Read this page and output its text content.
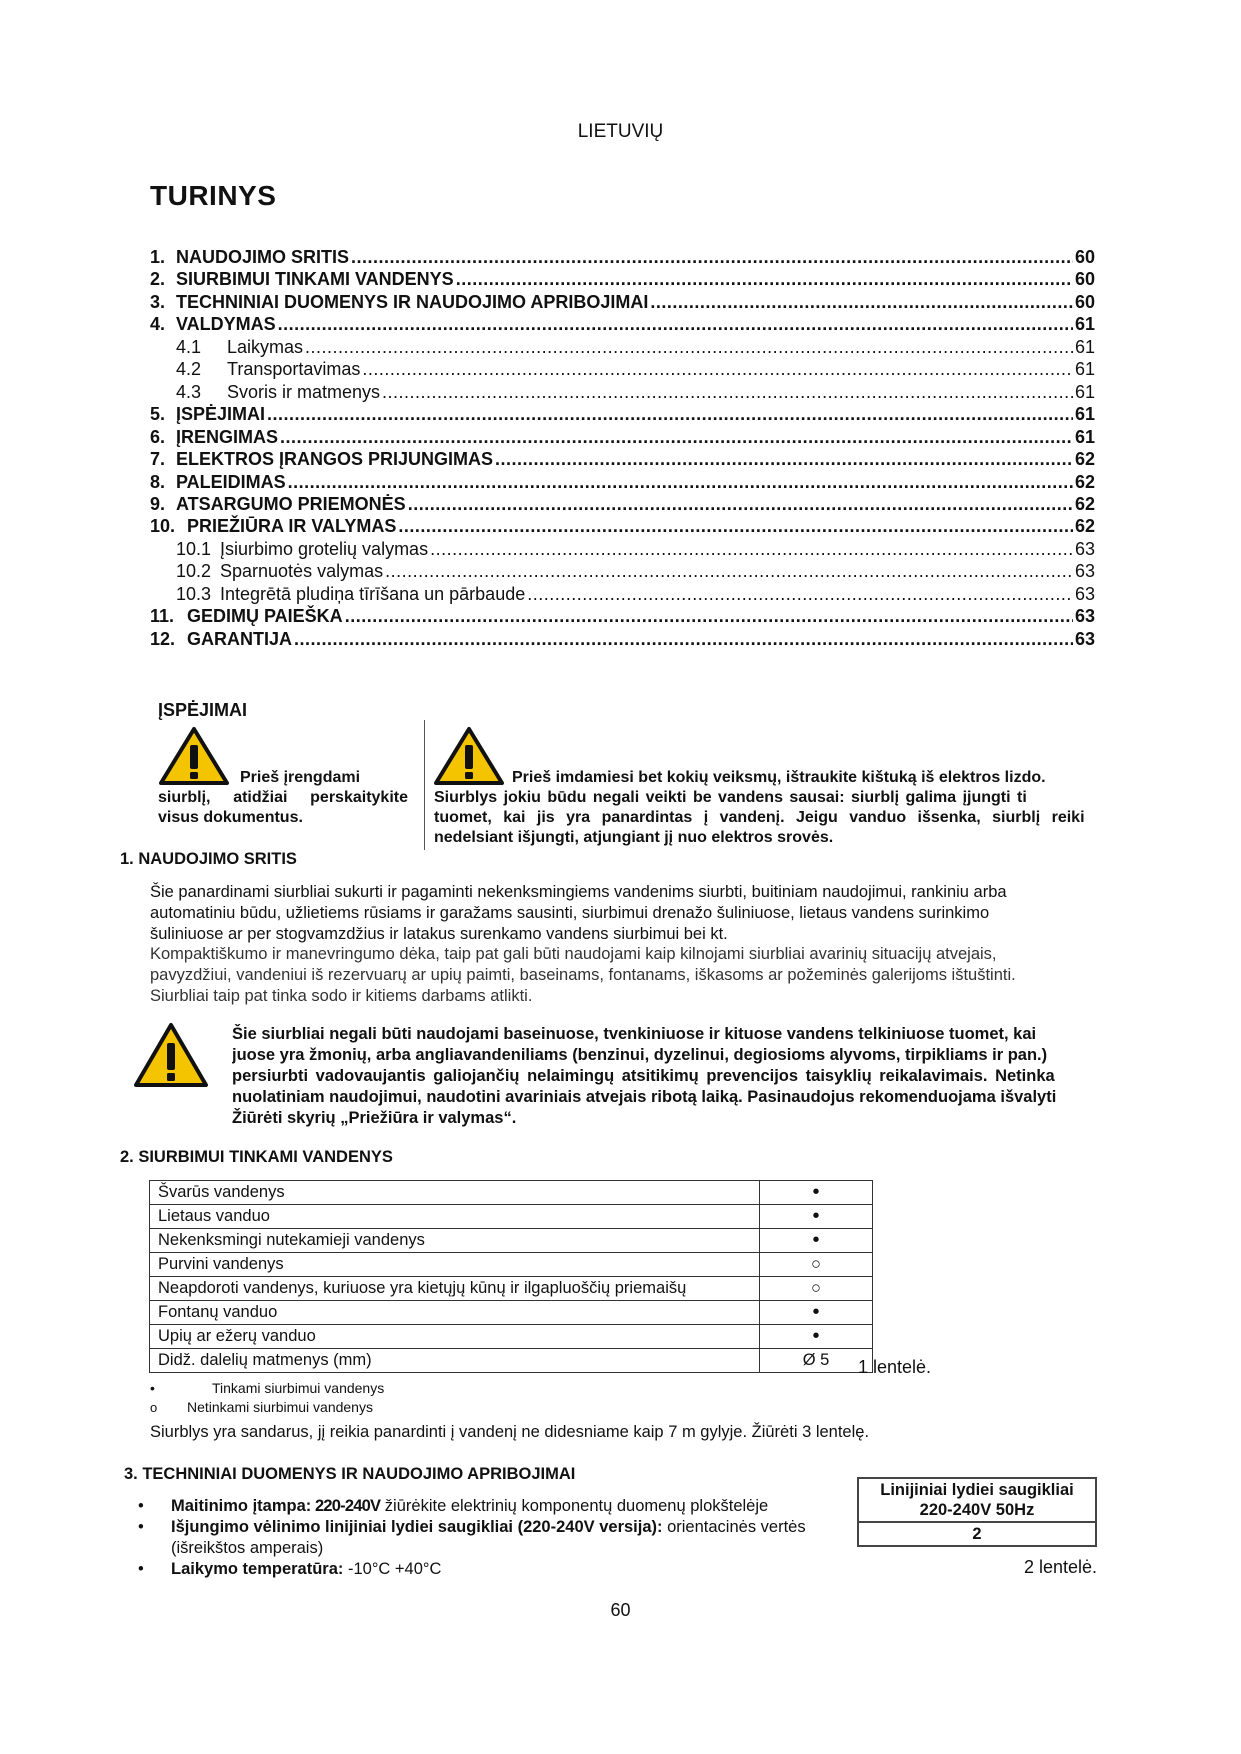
LIETUVIŲ
TURINYS
1. NAUDOJIMO SRITIS .....	60
2. SIURBIMUI TINKAMI VANDENYS .....	60
3. TECHNINIAI DUOMENYS IR NAUDOJIMO APRIBOJIMAI .....	60
4. VALDYMAS .....	61
4.1	Laikymas .....	61
4.2	Transportavimas .....	61
4.3	Svoris ir matmenys .....	61
5. ĮSPĖJIMAI .....	61
6. ĮRENGIMAS .....	61
7. ELEKTROS ĮRANGOS PRIJUNGIMAS .....	62
8. PALEIDIMAS .....	62
9. ATSARGUMO PRIEMONĖS .....	62
10. PRIEŽIŪRA IR VALYMAS .....	62
10.1 Įsiurbimo grotelių valymas .....	63
10.2 Sparnuotės valymas .....	63
10.3 Integrētā pludiņa tīrīšana un pārbaude .....	63
11. GEDIMŲ PAIEŠKA .....	63
12. GARANTIJA .....	63
ĮSPĖJIMAI
Prieš įrengdami
siurblį, atidžiai perskaitykite visus dokumentus.
Prieš imdamiesi bet kokių veiksmų, ištraukite kištuką iš elektros lizdo.
Siurblys jokiu būdu negali veikti be vandens sausai: siurblį galima įjungti ti
tuomet, kai jis yra panardintas į vandenį. Jeigu vanduo išsenka, siurblį reiki
nedelsiant išjungti, atjungiant jį nuo elektros srovės.
1. NAUDOJIMO SRITIS

Šie panardinami siurbliai sukurti ir pagaminti nekenksmingiems vandenims siurbti, buitiniam naudojimui, rankiniu arba

automatiniu būdu, užlietiems rūsiams ir garažams sausinti, siurbimui drenažo šuliniuose, lietaus vandens surinkimo

šuliniuose ar per stogvamzdžius ir latakus surenkamo vandens siurbimui bei kt.

Kompaktiškumo ir manevringumo dėka, taip pat gali būti naudojami kaip kilnojami siurbliai avarinių situacijų atvejais,

pavyzdžiui, vandeniui iš rezervuarų ar upių paimti, baseinams, fontanams, iškasoms ar požeminės galerijoms ištuštinti.

Siurbliai taip pat tinka sodo ir kitiems darbams atlikti.

Šie siurbliai negali būti naudojami baseinuose, tvenkiniuose ir kituose vandens telkiniuose tuomet, kai
juose yra žmonių, arba angliavandeniliams (benzinui, dyzelinui, degiosioms alyvoms, tirpikliams ir pan.)
persiurbti vadovaujantis galiojančių nelaimingų atsitikimų prevencijos taisyklių reikalavimais. Netinka
nuolatiniam naudojimui, naudotini avariniais atvejais ribotą laiką. Pasinaudojus rekomenduojama išvalyti
Žiūrėti skyrių „Priežiūra ir valymas“.
2. SIURBIMUI TINKAMI VANDENYS
Švarūs vandenys	•
Lietaus vanduo	•
Nekenksmingi nutekamieji vandenys	•
Purvini vandenys	○
Neapdoroti vandenys, kuriuose yra kietųjų kūnų ir ilgapluoščių priemaišų	○
Fontanų vanduo	•
Upių ar ežerų vanduo	•
Didž. dalelių matmenys (mm)	Ø 5 1 lentelė.
•	Tinkami siurbimui vandenys
o Netinkami siurbimui vandenys
Siurblys yra sandarus, jį reikia panardinti į vandenį ne didesniame kaip 7 m gylyje. Žiūrėti 3 lentelę.
3. TECHNINIAI DUOMENYS IR NAUDOJIMO APRIBOJIMAI
• Maitinimo įtampa: 220-240V žiūrėkite elektrinių komponentų duomenų plokštelėje
• Išjungimo vėlinimo linijiniai lydiei saugikliai (220-240V versija): orientacinės vertės (išreikštos amperais)
• Laikymo temperatūra: -10°C +40°C
Linijiniai lydiei saugikliai
220-240V 50Hz

2
2 lentelė.
60
